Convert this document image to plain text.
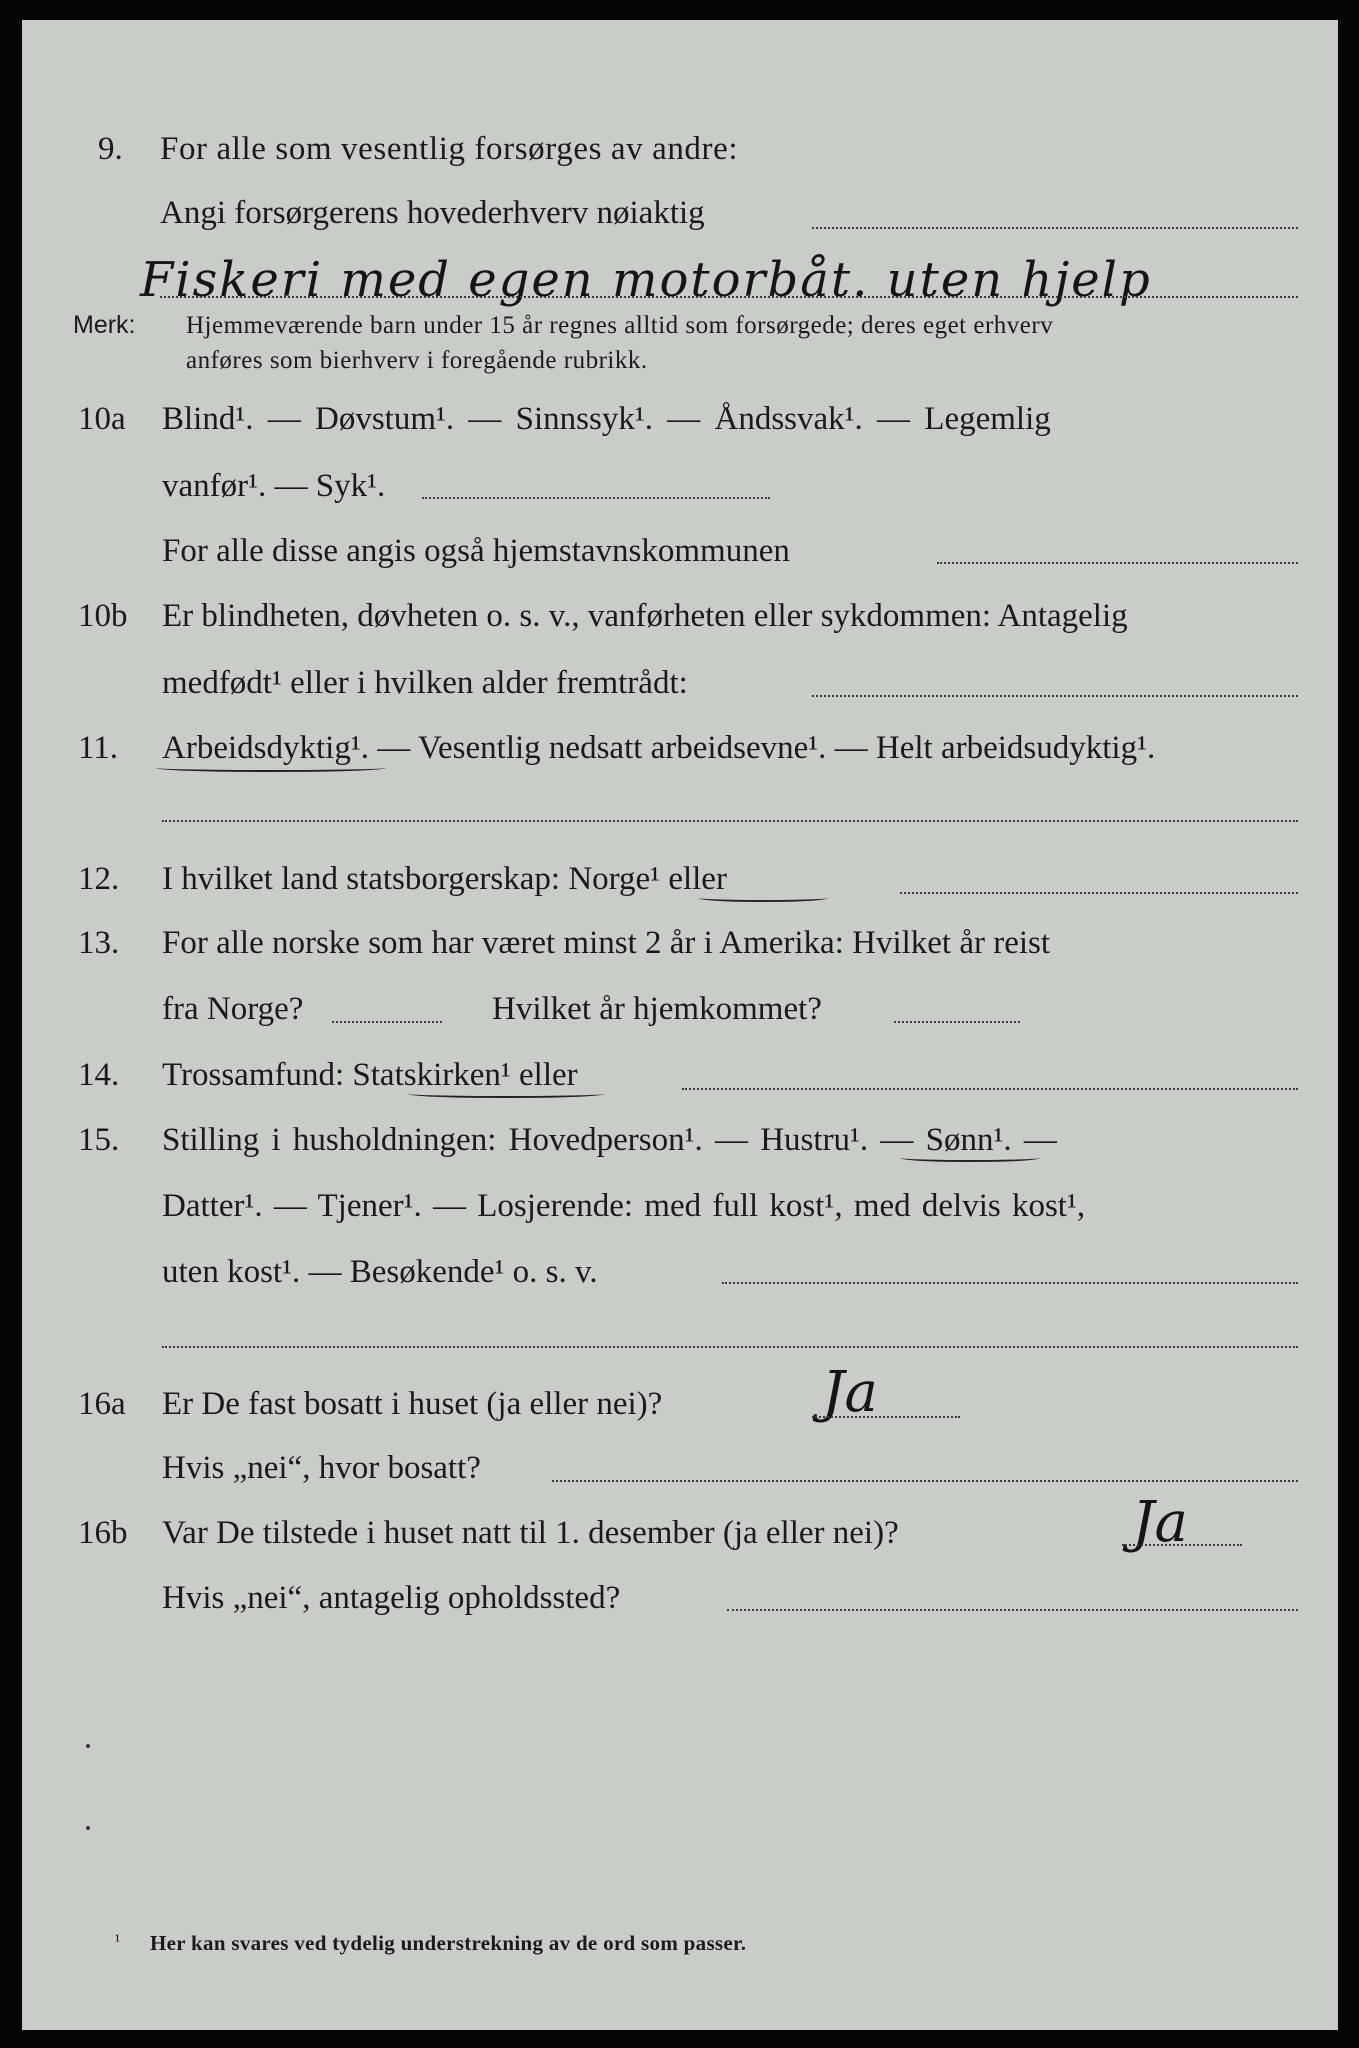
9. For alle som vesentlig forsørges av andre:
Angi forsørgerens hovederhverv nøiaktig
Fiskeri med egen motorbåt. uten hjelp
Merk: Hjemmeværende barn under 15 år regnes alltid som forsørgede; deres eget erhverv
anføres som bierhverv i foregående rubrikk.
10a Blind¹. — Døvstum¹. — Sinnssyk¹. — Åndssvak¹. — Legemlig
vanfør¹. — Syk¹.
For alle disse angis også hjemstavnskommunen
10b Er blindheten, døvheten o. s. v., vanførheten eller sykdommen: Antagelig
medfødt¹ eller i hvilken alder fremtrådt:
11. Arbeidsdyktig¹. — Vesentlig nedsatt arbeidsevne¹. — Helt arbeidsudyktig¹.
12. I hvilket land statsborgerskap: Norge¹ eller
13. For alle norske som har været minst 2 år i Amerika: Hvilket år reist
fra Norge?	Hvilket år hjemkommet?
14. Trossamfund: Statskirken¹ eller
15. Stilling i husholdningen: Hovedperson¹. — Hustru¹. — Sønn¹. —
Datter¹. — Tjener¹. — Losjerende: med full kost¹, med delvis kost¹,
uten kost¹. — Besøkende¹ o. s. v.
16a Er De fast bosatt i huset (ja eller nei)?	Ja
Hvis „nei“, hvor bosatt?
16b Var De tilstede i huset natt til 1. desember (ja eller nei)?	Ja
Hvis „nei“, antagelig opholdssted?
¹ Her kan svares ved tydelig understrekning av de ord som passer.
